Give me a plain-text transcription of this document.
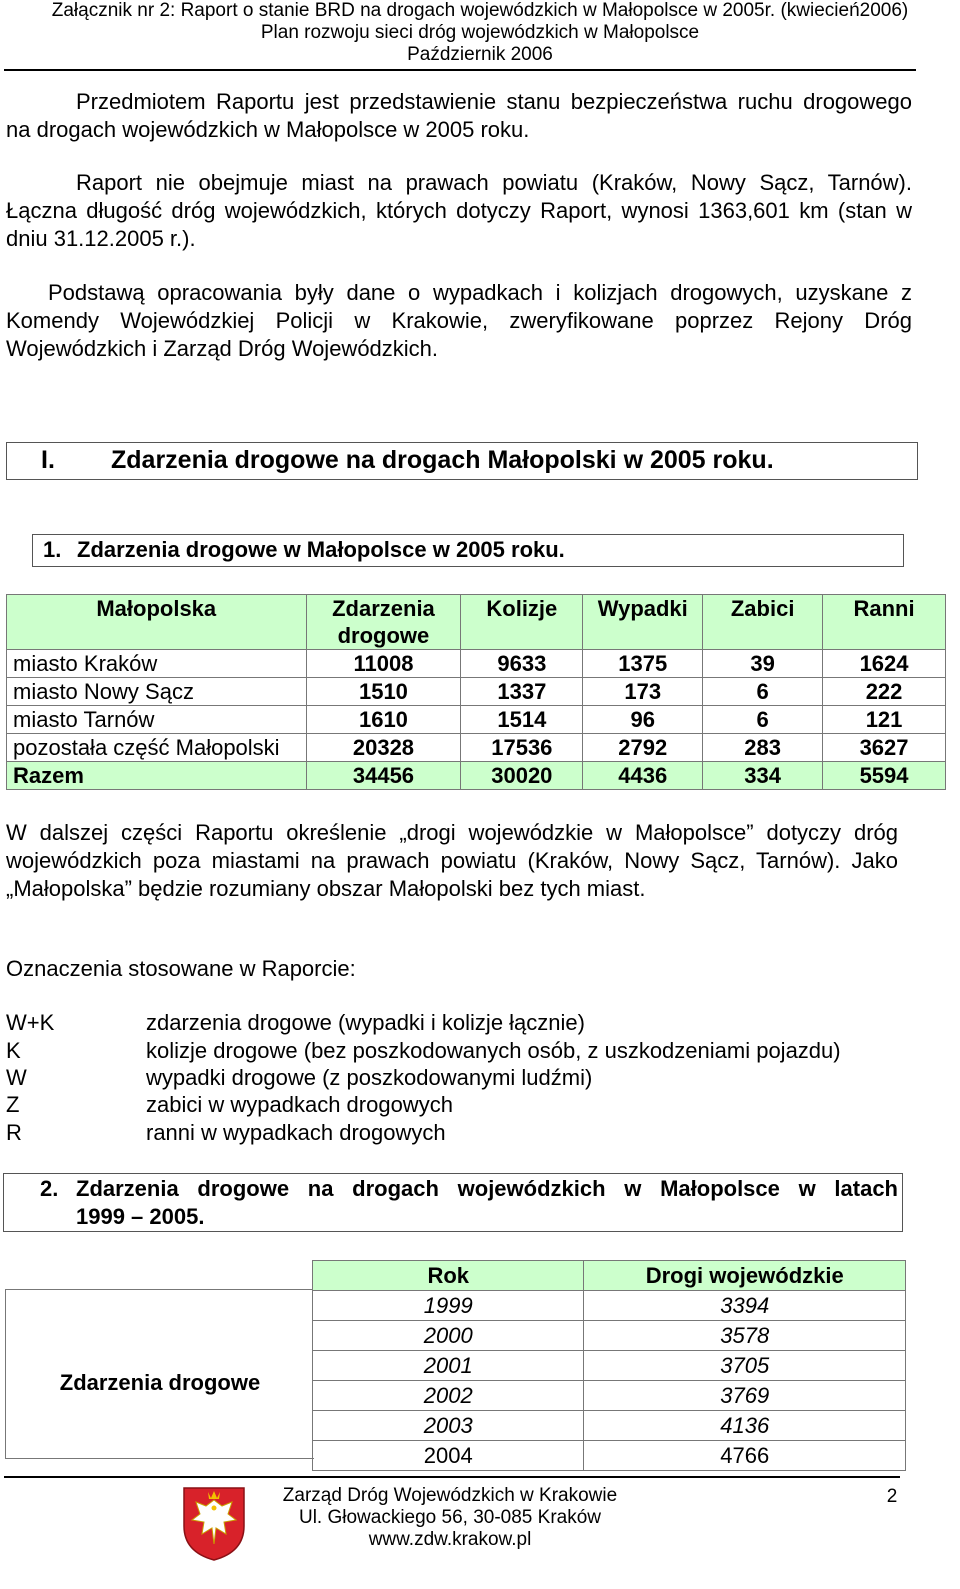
Załącznik nr 2: Raport o stanie BRD na drogach wojewódzkich w Małopolsce w 2005r. (kwiecień2006)
Plan rozwoju sieci dróg wojewódzkich w Małopolsce
Październik 2006
Przedmiotem Raportu jest przedstawienie stanu bezpieczeństwa ruchu drogowego na drogach wojewódzkich w Małopolsce w 2005 roku.
Raport nie obejmuje miast na prawach powiatu (Kraków, Nowy Sącz, Tarnów). Łączna długość dróg wojewódzkich, których dotyczy Raport, wynosi 1363,601 km (stan w dniu 31.12.2005 r.).
Podstawą opracowania były dane o wypadkach i kolizjach drogowych, uzyskane z Komendy Wojewódzkiej Policji w Krakowie, zweryfikowane poprzez Rejony Dróg Wojewódzkich i Zarząd Dróg Wojewódzkich.
I. Zdarzenia drogowe na drogach Małopolski w 2005 roku.
1. Zdarzenia drogowe w Małopolsce w 2005 roku.
Małopolska	Zdarzenia drogowe	Kolizje	Wypadki	Zabici	Ranni
miasto Kraków	11008	9633	1375	39	1624
miasto Nowy Sącz	1510	1337	173	6	222
miasto Tarnów	1610	1514	96	6	121
pozostała część Małopolski	20328	17536	2792	283	3627
Razem	34456	30020	4436	334	5594
W dalszej części Raportu określenie „drogi wojewódzkie w Małopolsce” dotyczy dróg wojewódzkich poza miastami na prawach powiatu (Kraków, Nowy Sącz, Tarnów). Jako „Małopolska” będzie rozumiany obszar Małopolski bez tych miast.
Oznaczenia stosowane w Raporcie:
W+K	zdarzenia drogowe (wypadki i kolizje łącznie)
K	kolizje drogowe (bez poszkodowanych osób, z uszkodzeniami pojazdu)
W	wypadki drogowe (z poszkodowanymi ludźmi)
Z	zabici w wypadkach drogowych
R	ranni w wypadkach drogowych
2. Zdarzenia drogowe na drogach wojewódzkich w Małopolsce w latach
1999 – 2005.
Zdarzenia drogowe
Rok	Drogi wojewódzkie
1999	3394
2000	3578
2001	3705
2002	3769
2003	4136
2004	4766
Zarząd Dróg Wojewódzkich w Krakowie
Ul. Głowackiego 56, 30-085 Kraków
www.zdw.krakow.pl
2
